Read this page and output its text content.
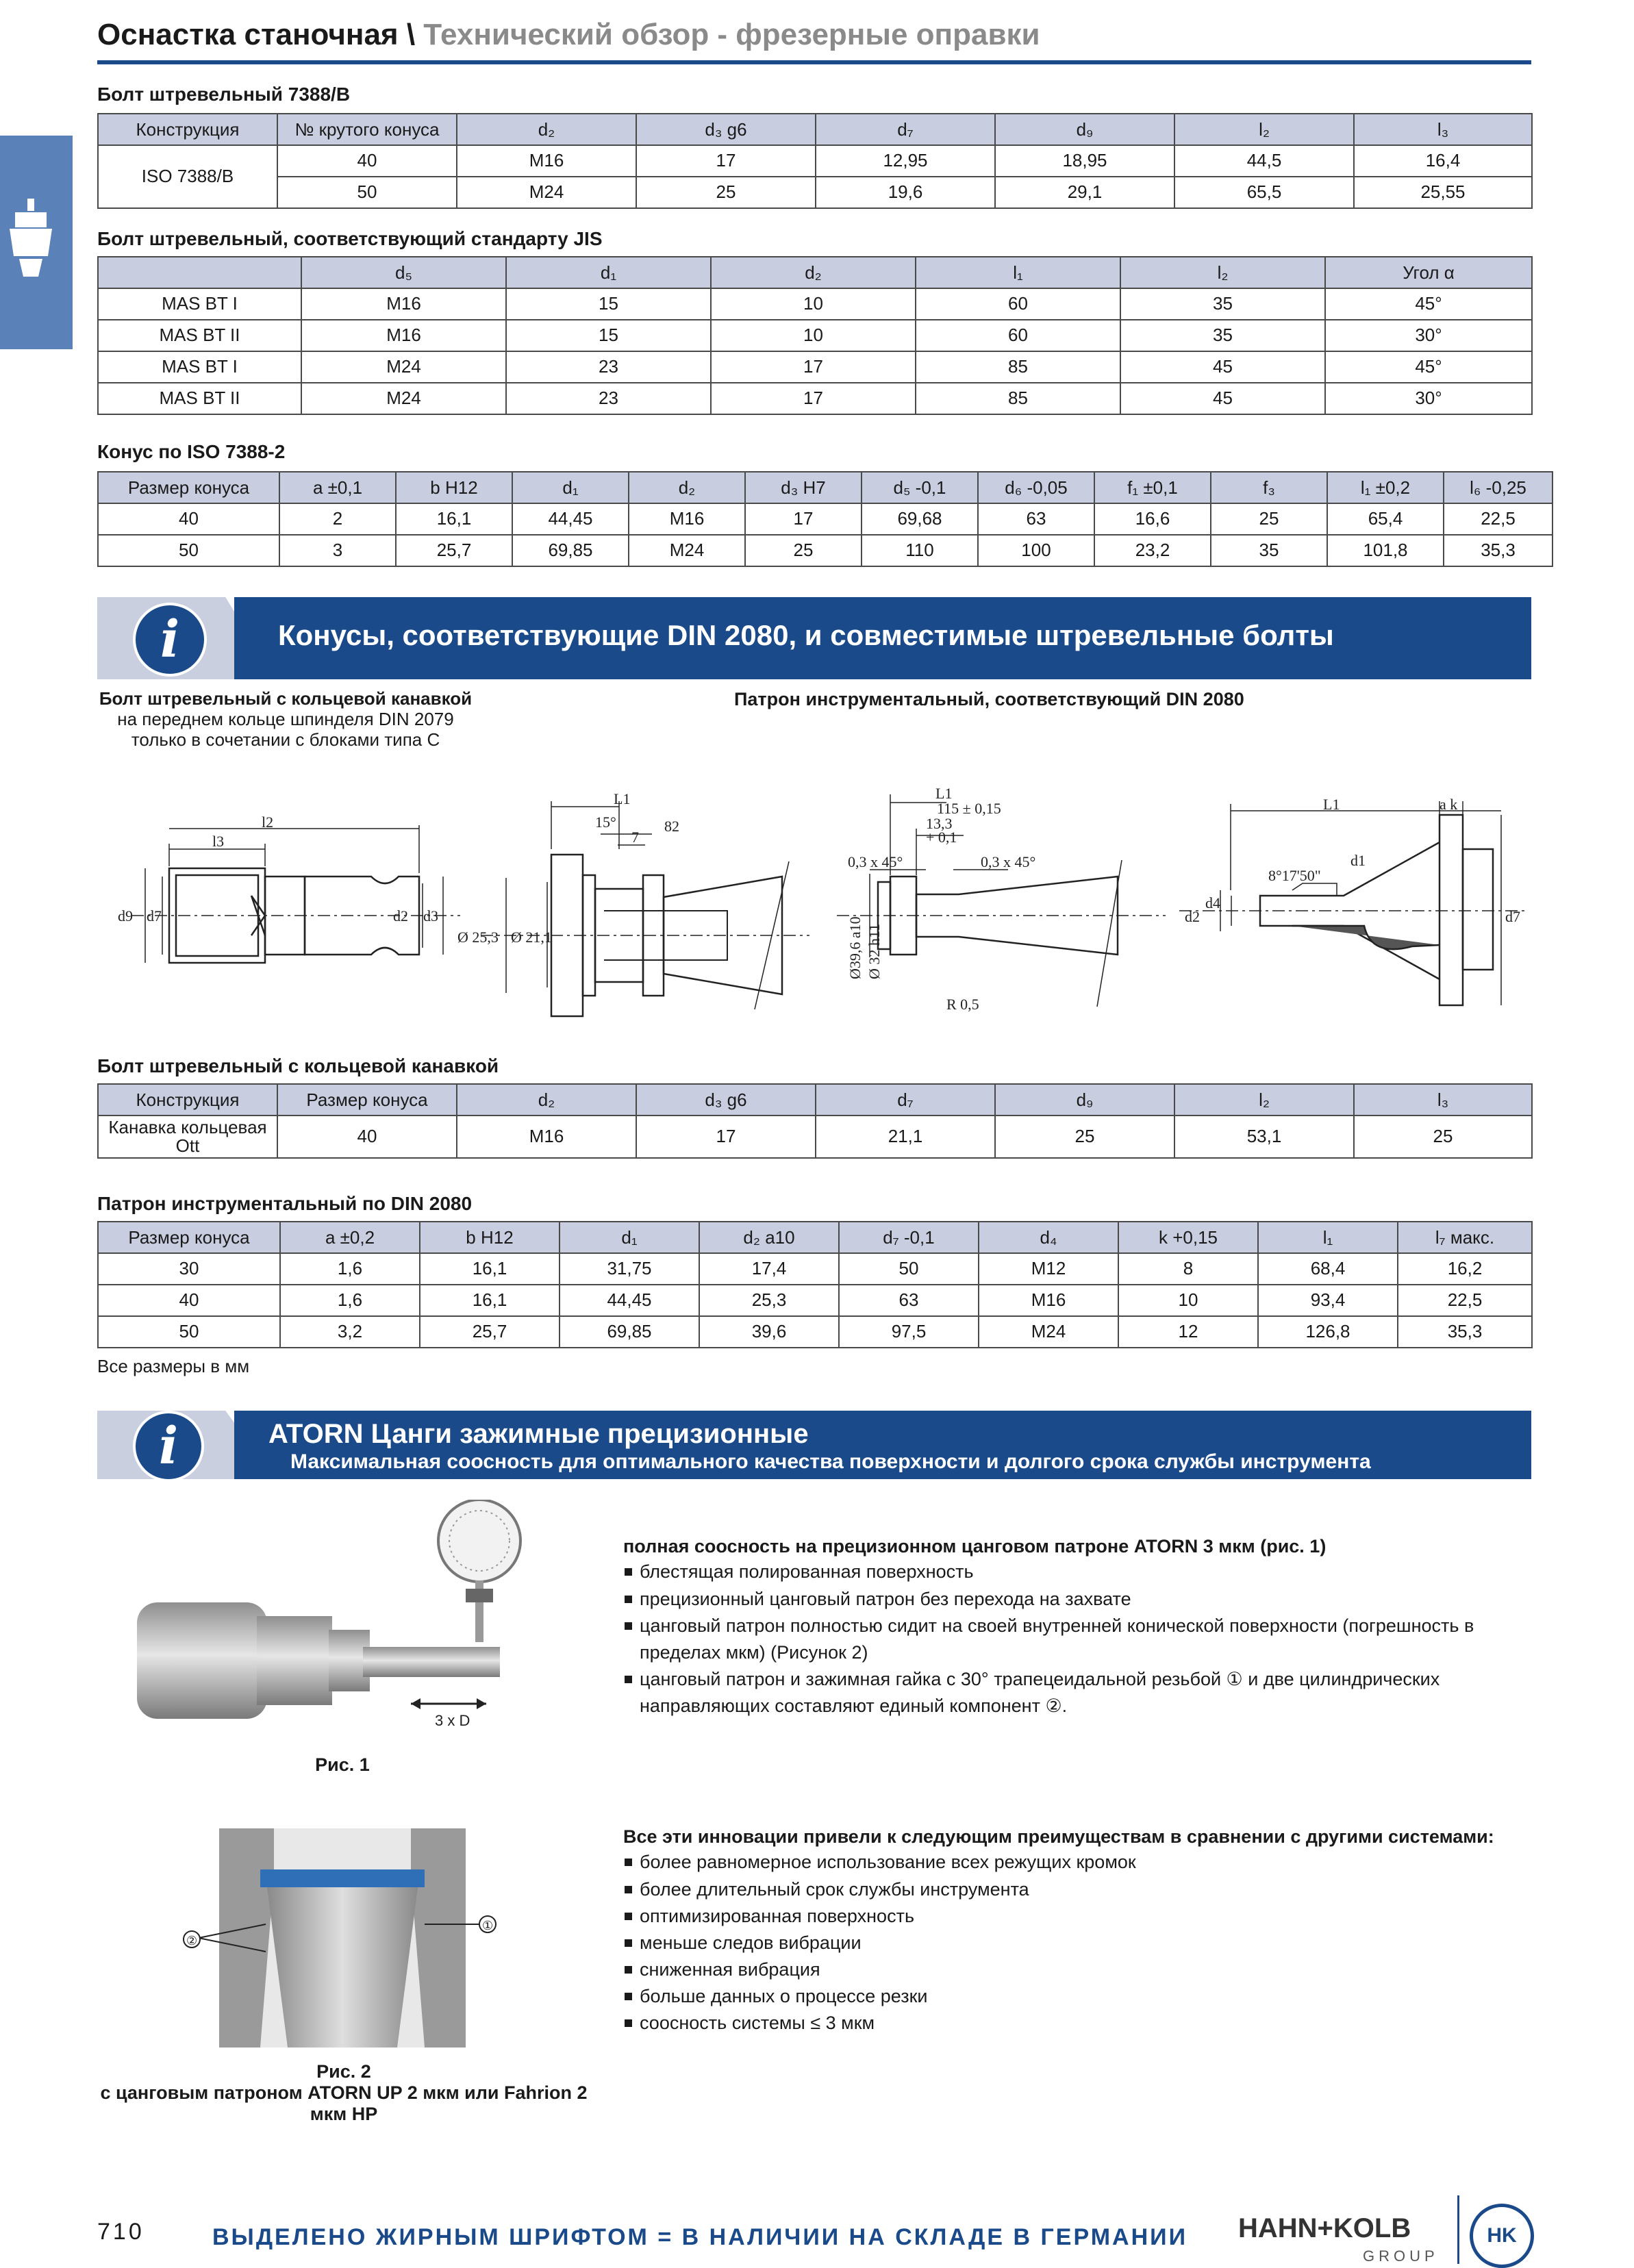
Оснастка станочная \ Технический обзор - фрезерные оправки
Болт штревельный 7388/B
Конструкция	№ крутого конуса	d₂	d₃ g6	d₇	d₉	l₂	l₃
ISO 7388/B	40	M16	17	12,95	18,95	44,5	16,4
	50	M24	25	19,6	29,1	65,5	25,55
Болт штревельный, соответствующий стандарту JIS
	d₅	d₁	d₂	l₁	l₂	Угол α
MAS BT I	M16	15	10	60	35	45°
MAS BT II	M16	15	10	60	35	30°
MAS BT I	M24	23	17	85	45	45°
MAS BT II	M24	23	17	85	45	30°
Конус по ISO 7388-2
Размер конуса	a ±0,1	b H12	d₁	d₂	d₃ H7	d₅ -0,1	d₆ -0,05	f₁ ±0,1	f₃	l₁ ±0,2	l₆ -0,25
40	2	16,1	44,45	M16	17	69,68	63	16,6	25	65,4	22,5
50	3	25,7	69,85	M24	25	110	100	23,2	35	101,8	35,3
i	Конусы, соответствующие DIN 2080, и совместимые штревельные болты
Болт штревельный с кольцевой канавкой
на переднем кольце шпинделя DIN 2079 только в сочетании с блоками типа C
Патрон инструментальный, соответствующий DIN 2080
l2
l3
d9 d7	d2 d3
L1
15°	82
7
Ø 25,3 Ø 21,1
L1
115 ± 0,15
13,3
+ 0,1
0,3 x 45°	0,3 x 45°
Ø39,6 a10 Ø 32 h11
R 0,5
L1	a k
d1
8°17'50"
d4
d2	d7
Болт штревельный с кольцевой канавкой
Конструкция	Размер конуса	d₂	d₃ g6	d₇	d₉	l₂	l₃
Канавка кольцевая Ott	40	M16	17	21,1	25	53,1	25
Патрон инструментальный по DIN 2080
Размер конуса	a ±0,2	b H12	d₁	d₂ a10	d₇ -0,1	d₄	k +0,15	l₁	l₇ макс.
30	1,6	16,1	31,75	17,4	50	M12	8	68,4	16,2
40	1,6	16,1	44,45	25,3	63	M16	10	93,4	22,5
50	3,2	25,7	69,85	39,6	97,5	M24	12	126,8	35,3
Все размеры в мм
i	ATORN Цанги зажимные прецизионные
Максимальная соосность для оптимального качества поверхности и долгого срока службы инструмента
3 x D
Рис. 1
полная соосность на прецизионном цанговом патроне ATORN 3 мкм (рис. 1)
блестящая полированная поверхность
прецизионный цанговый патрон без перехода на захвате
цанговый патрон полностью сидит на своей внутренней конической поверхности (погрешность в пределах мкм) (Рисунок 2)
цанговый патрон и зажимная гайка с 30° трапецеидальной резьбой ① и две цилиндрических направляющих составляют единый компонент ②.
②
①
Рис. 2
с цанговым патроном ATORN UP 2 мкм или Fahrion 2 мкм HP
Все эти инновации привели к следующим преимуществам в сравнении с другими системами:
более равномерное использование всех режущих кромок
более длительный срок службы инструмента
оптимизированная поверхность
меньше следов вибрации
сниженная вибрация
больше данных о процессе резки
соосность системы ≤ 3 мкм
710	ВЫДЕЛЕНО ЖИРНЫМ ШРИФТОМ = В НАЛИЧИИ НА СКЛАДЕ В ГЕРМАНИИ HAHN+KOLB
GROUP
HK
